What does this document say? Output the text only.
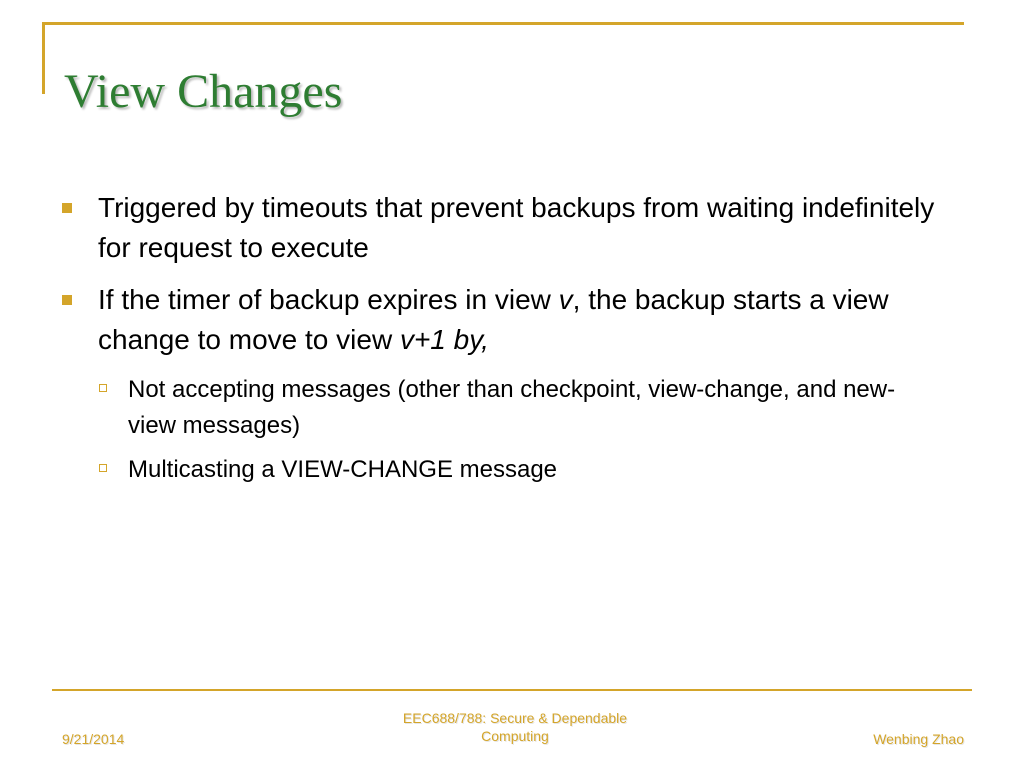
View Changes
Triggered by timeouts that prevent backups from waiting indefinitely for request to execute
If the timer of backup expires in view v, the backup starts a view change to move to view v+1 by,
Not accepting messages (other than checkpoint, view-change, and new-view messages)
Multicasting a VIEW-CHANGE message
9/21/2014
EEC688/788: Secure & Dependable
Computing	Wenbing Zhao
